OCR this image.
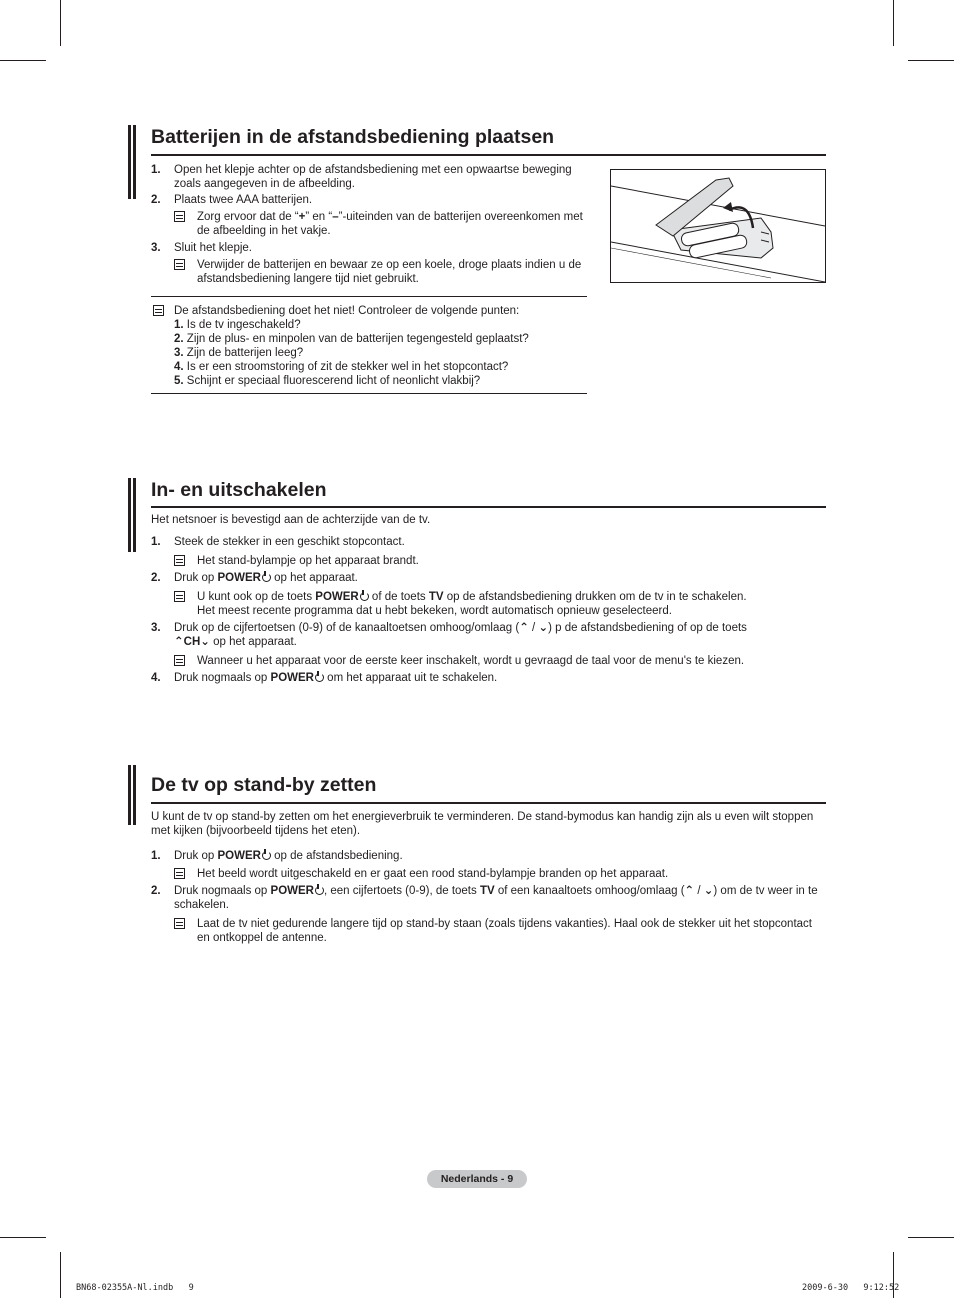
Batterijen in de afstandsbediening plaatsen
1. Open het klepje achter op de afstandsbediening met een opwaartse beweging zoals aangegeven in de afbeelding.
2. Plaats twee AAA batterijen.
Zorg ervoor dat de “+” en “–”-uiteinden van de batterijen overeenkomen met de afbeelding in het vakje.
3. Sluit het klepje.
Verwijder de batterijen en bewaar ze op een koele, droge plaats indien u de afstandsbediening langere tijd niet gebruikt.
De afstandsbediening doet het niet! Controleer de volgende punten:
1. Is de tv ingeschakeld?
2. Zijn de plus- en minpolen van de batterijen tegengesteld geplaatst?
3. Zijn de batterijen leeg?
4. Is er een stroomstoring of zit de stekker wel in het stopcontact?
5. Schijnt er speciaal fluorescerend licht of neonlicht vlakbij?
In- en uitschakelen
Het netsnoer is bevestigd aan de achterzijde van de tv.
1. Steek de stekker in een geschikt stopcontact.
Het stand-bylampje op het apparaat brandt.
2. Druk op POWER op het apparaat.
U kunt ook op de toets POWER of de toets TV op de afstandsbediening drukken om de tv in te schakelen.
Het meest recente programma dat u hebt bekeken, wordt automatisch opnieuw geselecteerd.
3. Druk op de cijfertoetsen (0-9) of de kanaaltoetsen omhoog/omlaag (⌃ / ⌄) p de afstandsbediening of op de toets
⌃CH⌄ op het apparaat.
Wanneer u het apparaat voor de eerste keer inschakelt, wordt u gevraagd de taal voor de menu's te kiezen.
4. Druk nogmaals op POWER om het apparaat uit te schakelen.
De tv op stand-by zetten
U kunt de tv op stand-by zetten om het energieverbruik te verminderen. De stand-bymodus kan handig zijn als u even wilt stoppen met kijken (bijvoorbeeld tijdens het eten).
1. Druk op POWER op de afstandsbediening.
Het beeld wordt uitgeschakeld en er gaat een rood stand-bylampje branden op het apparaat.
2. Druk nogmaals op POWER , een cijfertoets (0-9), de toets TV of een kanaaltoets omhoog/omlaag (⌃ / ⌄) om de tv weer in te schakelen.
Laat de tv niet gedurende langere tijd op stand-by staan (zoals tijdens vakanties). Haal ook de stekker uit het stopcontact en ontkoppel de antenne.
Nederlands - 9
BN68-02355A-Nl.indb   9	2009-6-30   9:12:52
